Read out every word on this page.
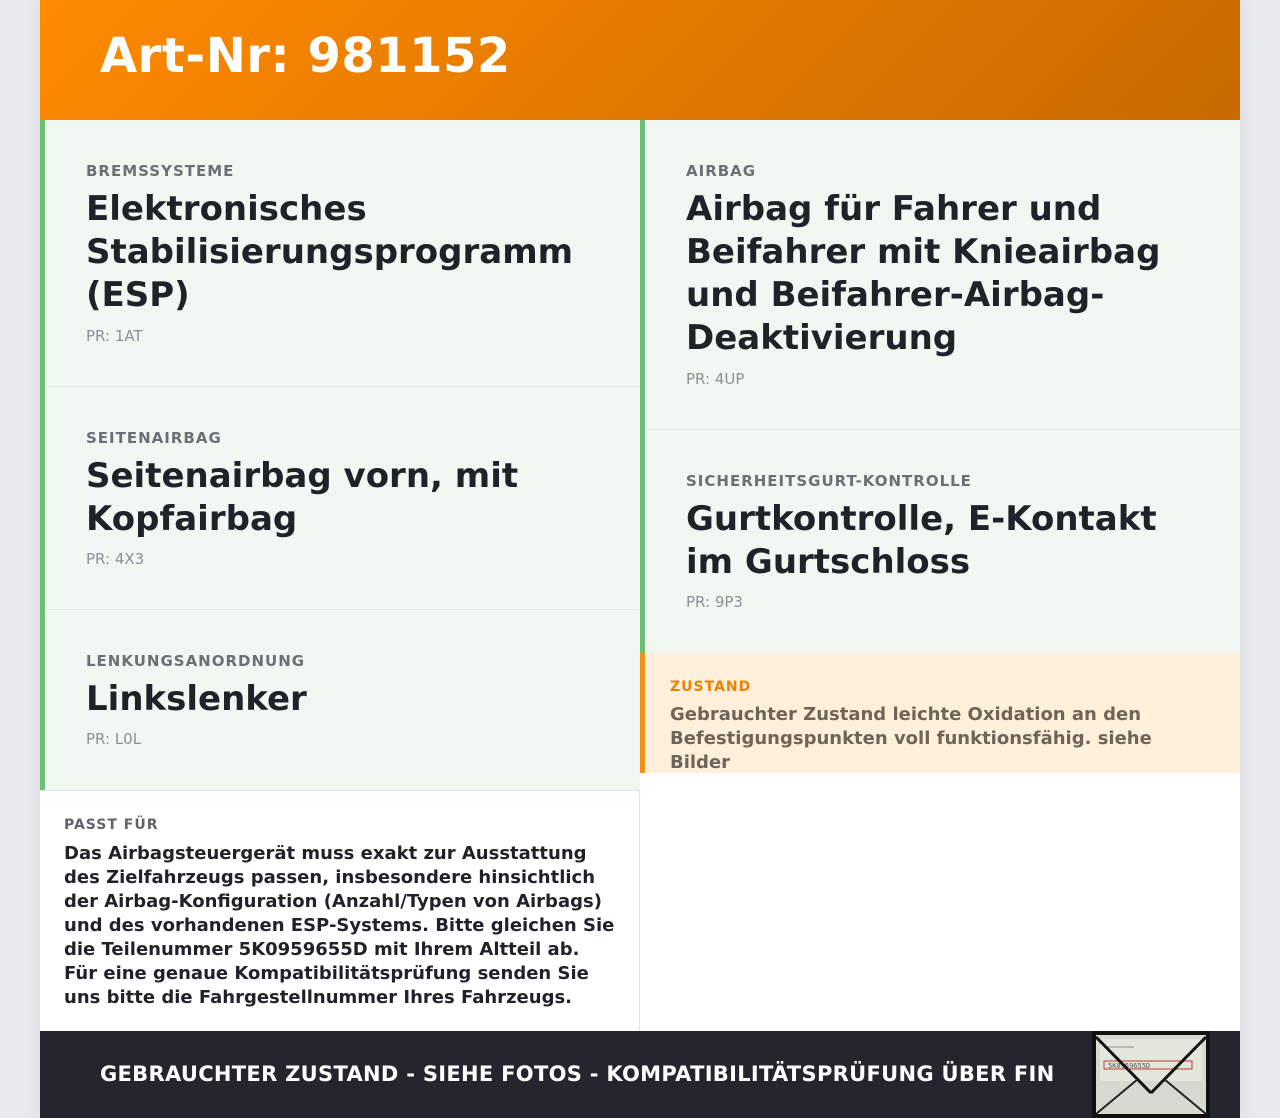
Art-Nr: 981152
BREMSSYSTEME
Elektronisches Stabilisierungsprogramm (ESP)
PR: 1AT
SEITENAIRBAG
Seitenairbag vorn, mit Kopfairbag
PR: 4X3
LENKUNGSANORDNUNG
Linkslenker
PR: L0L
PASST FÜR
Das Airbagsteuergerät muss exakt zur Ausstattung des Zielfahrzeugs passen, insbesondere hinsichtlich der Airbag-Konfiguration (Anzahl/Typen von Airbags) und des vorhandenen ESP-Systems. Bitte gleichen Sie die Teilenummer 5K0959655D mit Ihrem Altteil ab. Für eine genaue Kompatibilitätsprüfung senden Sie uns bitte die Fahrgestellnummer Ihres Fahrzeugs.
AIRBAG
Airbag für Fahrer und Beifahrer mit Knieairbag und Beifahrer-Airbag-Deaktivierung
PR: 4UP
SICHERHEITSGURT-KONTROLLE
Gurtkontrolle, E-Kontakt im Gurtschloss
PR: 9P3
ZUSTAND
Gebrauchter Zustand leichte Oxidation an den Befestigungspunkten voll funktionsfähig. siehe Bilder
GEBRAUCHTER ZUSTAND - SIEHE FOTOS - KOMPATIBILITÄTSPRÜFUNG ÜBER FIN	5K0959655D
